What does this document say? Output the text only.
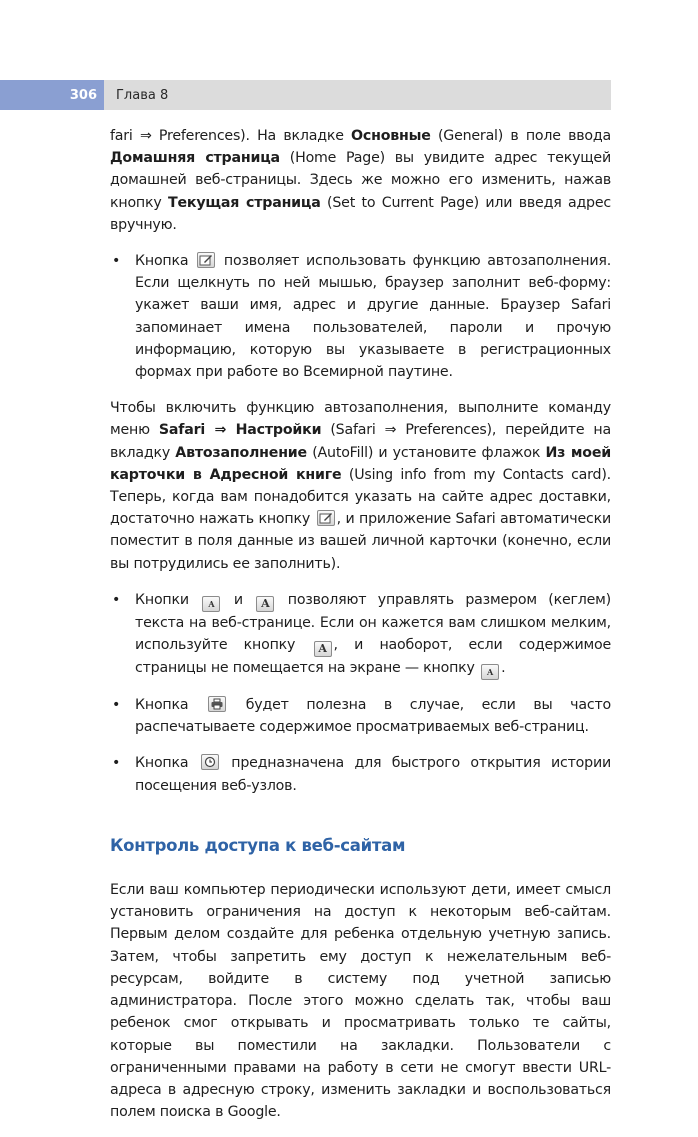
306	Глава 8

fari ⇒ Preferences). На вкладке Основные (General) в поле ввода Домашняя страница (Home Page) вы увидите адрес текущей домашней веб-страницы. Здесь же можно его изменить, нажав кнопку Текущая страница (Set to Current Page) или введя адрес вручную.

• Кнопка	позволяет использовать функцию автозаполнения. Если щелкнуть по ней мышью, браузер заполнит веб-форму: укажет ваши имя, адрес и другие данные. Браузер Safari запоминает имена пользователей, пароли и прочую информацию, которую вы указываете в регистрационных формах при работе во Всемирной паутине.

Чтобы включить функцию автозаполнения, выполните команду меню Safari ⇒ Настройки (Safari ⇒ Preferences), перейдите на вкладку Автозаполнение (AutoFill) и установите флажок Из моей карточки в Адресной книге (Using info from my Contacts card). Теперь, когда вам понадобится указать на сайте адрес доставки, достаточно нажать кнопку , и приложение Safari автоматически поместит в поля данные из вашей личной карточки (конечно, если вы потрудились ее заполнить).

• Кнопки A и A позволяют управлять размером (кеглем) текста на веб-странице. Если он кажется вам слишком мелким, используйте кнопку A , и наоборот, если содержимое страницы не помещается на экране — кнопку A .
• Кнопка	будет полезна в случае, если вы часто распечатываете содержимое просматриваемых веб-страниц.
• Кнопка	предназначена для быстрого открытия истории посещения веб-узлов.
Контроль доступа к веб-сайтам

Если ваш компьютер периодически используют дети, имеет смысл установить ограничения на доступ к некоторым веб-сайтам. Первым делом создайте для ребенка отдельную учетную запись. Затем, чтобы запретить ему доступ к нежелательным веб-ресурсам, войдите в систему под учетной записью администратора. После этого можно сделать так, чтобы ваш ребенок смог открывать и просматривать только те сайты, которые вы поместили на закладки. Пользователи с ограниченными правами на работу в сети не смогут ввести URL-адреса в адресную строку, изменить закладки и воспользоваться полем поиска в Google.
